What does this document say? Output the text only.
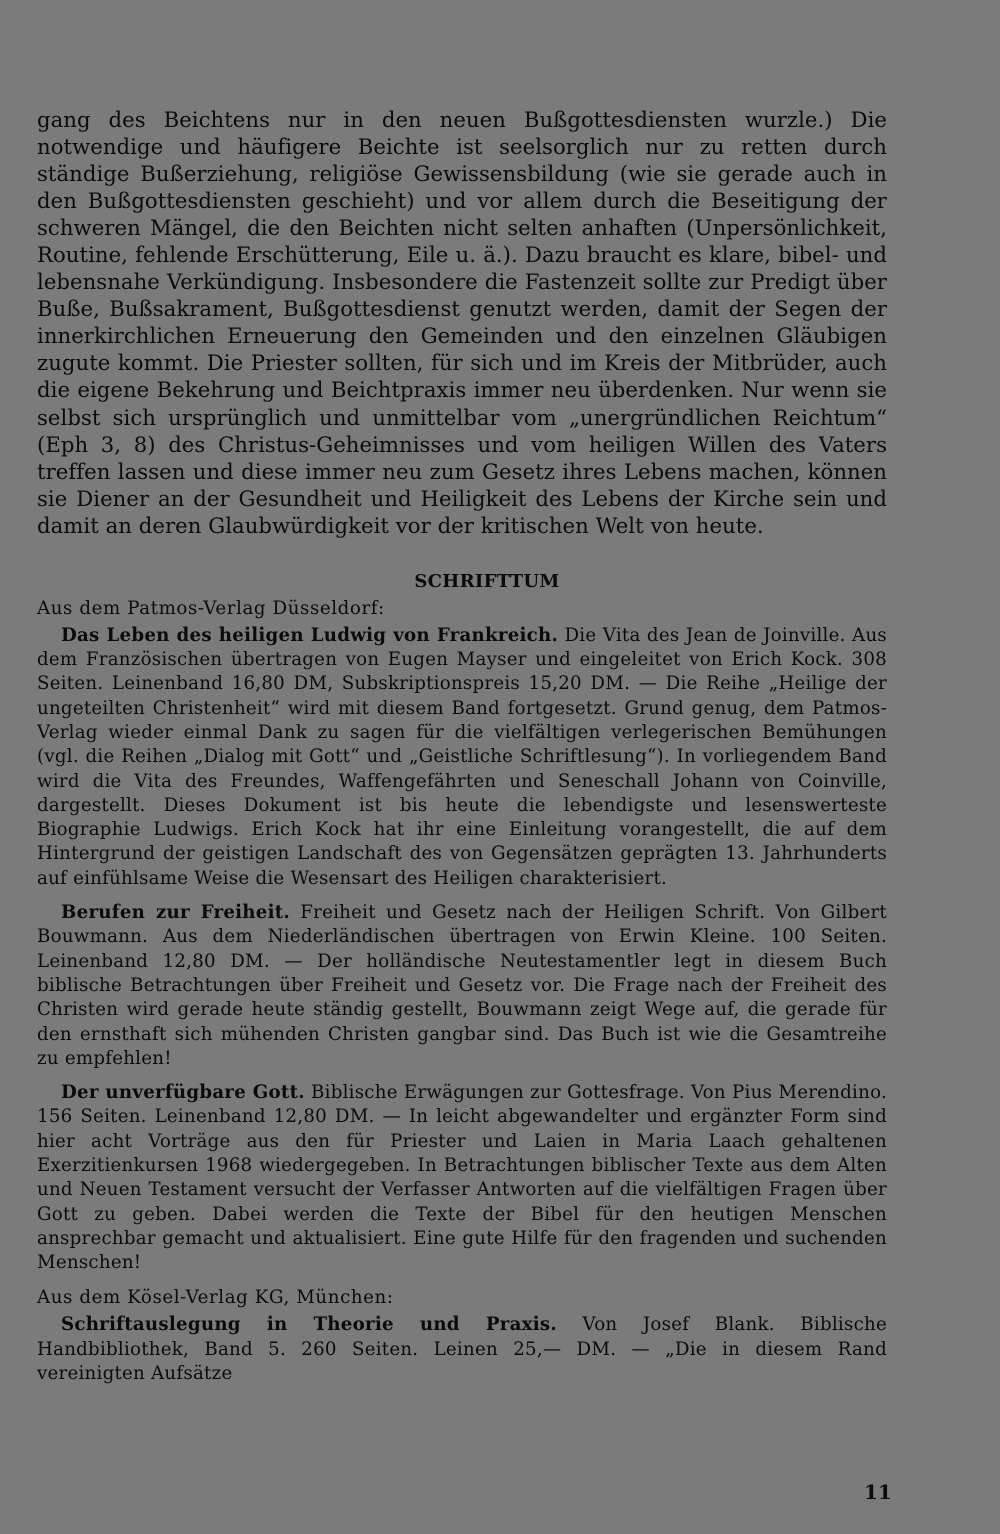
gang des Beichtens nur in den neuen Bußgottesdiensten wurzle.) Die notwendige und häufigere Beichte ist seelsorglich nur zu retten durch ständige Bußerziehung, religiöse Gewissensbildung (wie sie gerade auch in den Bußgottesdiensten geschieht) und vor allem durch die Beseitigung der schweren Mängel, die den Beichten nicht selten anhaften (Unpersönlichkeit, Routine, fehlende Erschütterung, Eile u. ä.). Dazu braucht es klare, bibel- und lebensnahe Verkündigung. Insbesondere die Fastenzeit sollte zur Predigt über Buße, Bußsakrament, Bußgottesdienst genutzt werden, damit der Segen der innerkirchlichen Erneuerung den Gemeinden und den einzelnen Gläubigen zugute kommt. Die Priester sollten, für sich und im Kreis der Mitbrüder, auch die eigene Bekehrung und Beichtpraxis immer neu überdenken. Nur wenn sie selbst sich ursprünglich und unmittelbar vom „unergründlichen Reichtum“ (Eph 3, 8) des Christus-Geheimnisses und vom heiligen Willen des Vaters treffen lassen und diese immer neu zum Gesetz ihres Lebens machen, können sie Diener an der Gesundheit und Heiligkeit des Lebens der Kirche sein und damit an deren Glaubwürdigkeit vor der kritischen Welt von heute.

SCHRIFTTUM

Aus dem Patmos-Verlag Düsseldorf:

Das Leben des heiligen Ludwig von Frankreich. Die Vita des Jean de Joinville. Aus dem Französischen übertragen von Eugen Mayser und eingeleitet von Erich Kock. 308 Seiten. Leinenband 16,80 DM, Subskriptionspreis 15,20 DM. — Die Reihe „Heilige der ungeteilten Christenheit“ wird mit diesem Band fortgesetzt. Grund genug, dem Patmos-Verlag wieder einmal Dank zu sagen für die vielfältigen verlegerischen Bemühungen (vgl. die Reihen „Dialog mit Gott“ und „Geistliche Schriftlesung“). In vorliegendem Band wird die Vita des Freundes, Waffengefährten und Seneschall Johann von Coinville, dargestellt. Dieses Dokument ist bis heute die lebendigste und lesenswerteste Biographie Ludwigs. Erich Kock hat ihr eine Einleitung vorangestellt, die auf dem Hintergrund der geistigen Landschaft des von Gegensätzen geprägten 13. Jahrhunderts auf einfühlsame Weise die Wesensart des Heiligen charakterisiert.

Berufen zur Freiheit. Freiheit und Gesetz nach der Heiligen Schrift. Von Gilbert Bouwmann. Aus dem Niederländischen übertragen von Erwin Kleine. 100 Seiten. Leinenband 12,80 DM. — Der holländische Neutestamentler legt in diesem Buch biblische Betrachtungen über Freiheit und Gesetz vor. Die Frage nach der Freiheit des Christen wird gerade heute ständig gestellt, Bouwmann zeigt Wege auf, die gerade für den ernsthaft sich mühenden Christen gangbar sind. Das Buch ist wie die Gesamtreihe zu empfehlen!

Der unverfügbare Gott. Biblische Erwägungen zur Gottesfrage. Von Pius Merendino. 156 Seiten. Leinenband 12,80 DM. — In leicht abgewandelter und ergänzter Form sind hier acht Vorträge aus den für Priester und Laien in Maria Laach gehaltenen Exerzitienkursen 1968 wiedergegeben. In Betrachtungen biblischer Texte aus dem Alten und Neuen Testament versucht der Verfasser Antworten auf die vielfältigen Fragen über Gott zu geben. Dabei werden die Texte der Bibel für den heutigen Menschen ansprechbar gemacht und aktualisiert. Eine gute Hilfe für den fragenden und suchenden Menschen!

Aus dem Kösel-Verlag KG, München:

Schriftauslegung in Theorie und Praxis. Von Josef Blank. Biblische Handbibliothek, Band 5. 260 Seiten. Leinen 25,— DM. — „Die in diesem Rand vereinigten Aufsätze

11
